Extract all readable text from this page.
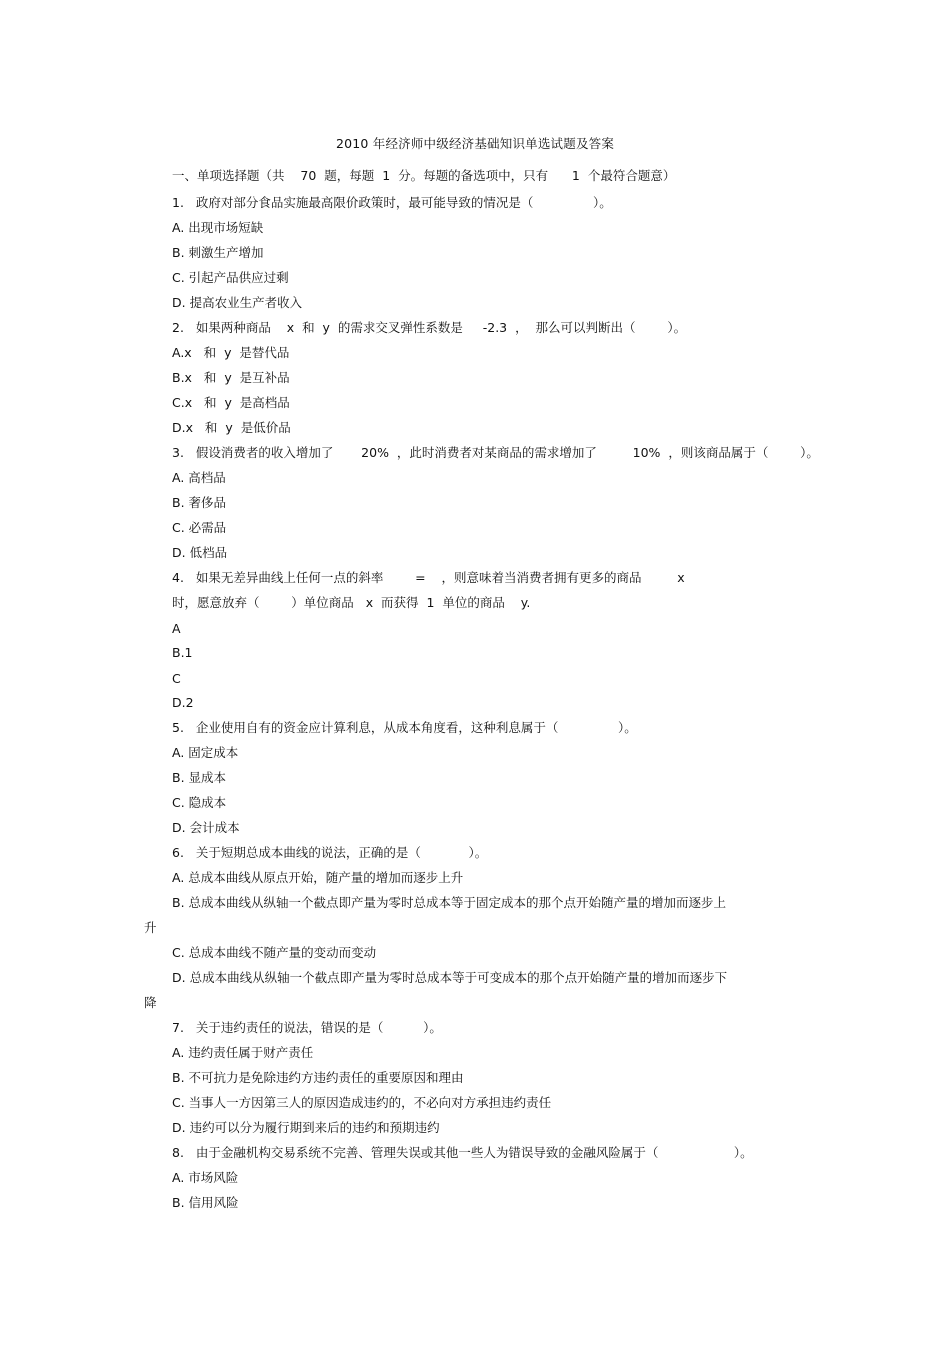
2010 年经济师中级经济基础知识单选试题及答案
一、单项选择题（共    70  题，每题  1  分。每题的备选项中，只有      1  个最符合题意）
1.   政府对部分食品实施最高限价政策时，最可能导致的情况是（               ）。
A. 出现市场短缺
B. 刺激生产增加
C. 引起产品供应过剩
D. 提高农业生产者收入
2.   如果两种商品    x  和  y  的需求交叉弹性系数是     -2.3  ，  那么可以判断出（        ）。
A.x   和  y  是替代品
B.x   和  y  是互补品
C.x   和  y  是高档品
D.x   和  y  是低价品
3.   假设消费者的收入增加了       20%  ，此时消费者对某商品的需求增加了         10%  ，则该商品属于（        ）。
A. 高档品
B. 奢侈品
C. 必需品
D. 低档品
4.   如果无差异曲线上任何一点的斜率        =    ，则意味着当消费者拥有更多的商品         x
时，愿意放弃（        ）单位商品   x  而获得  1  单位的商品    y.
A
B.1
C
D.2
5.   企业使用自有的资金应计算利息，从成本角度看，这种利息属于（               ）。
A. 固定成本
B. 显成本
C. 隐成本
D. 会计成本
6.   关于短期总成本曲线的说法，正确的是（            ）。
A. 总成本曲线从原点开始，随产量的增加而逐步上升
B. 总成本曲线从纵轴一个截点即产量为零时总成本等于固定成本的那个点开始随产量的增加而逐步上
升
C. 总成本曲线不随产量的变动而变动
D. 总成本曲线从纵轴一个截点即产量为零时总成本等于可变成本的那个点开始随产量的增加而逐步下
降
7.   关于违约责任的说法，错误的是（          ）。
A. 违约责任属于财产责任
B. 不可抗力是免除违约方违约责任的重要原因和理由
C. 当事人一方因第三人的原因造成违约的，不必向对方承担违约责任
D. 违约可以分为履行期到来后的违约和预期违约
8.   由于金融机构交易系统不完善、管理失误或其他一些人为错误导致的金融风险属于（                   ）。
A. 市场风险
B. 信用风险
